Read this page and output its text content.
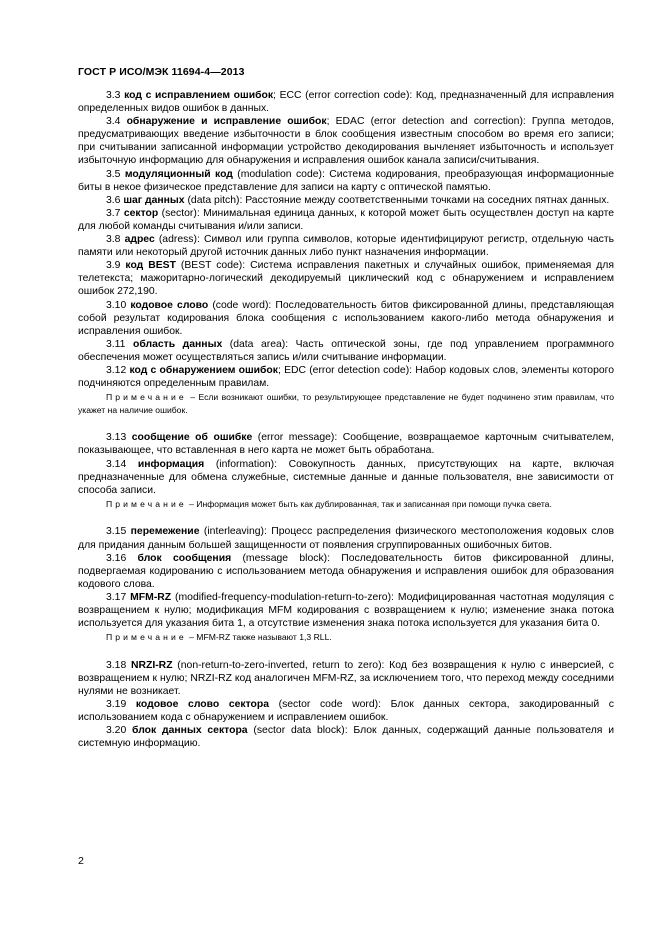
ГОСТ Р ИСО/МЭК 11694-4—2013

3.3 код с исправлением ошибок; ECC (error correction code): Код, предназначенный для исправления определенных видов ошибок в данных.

3.4 обнаружение и исправление ошибок; EDAC (error detection and correction): Группа методов, предусматривающих введение избыточности в блок сообщения известным способом во время его записи; при считывании записанной информации устройство декодирования вычленяет избыточность и использует избыточную информацию для обнаружения и исправления ошибок канала записи/считывания.

3.5 модуляционный код (modulation code): Система кодирования, преобразующая информационные биты в некое физическое представление для записи на карту с оптической памятью.

3.6 шаг данных (data pitch): Расстояние между соответственными точками на соседних пятнах данных.

3.7 сектор (sector): Минимальная единица данных, к которой может быть осуществлен доступ на карте для любой команды считывания и/или записи.

3.8 адрес (adress): Символ или группа символов, которые идентифицируют регистр, отдельную часть памяти или некоторый другой источник данных либо пункт назначения информации.

3.9 код BEST (BEST code): Система исправления пакетных и случайных ошибок, применяемая для телетекста; мажоритарно-логический декодируемый циклический код с обнаружением и исправлением ошибок 272,190.

3.10 кодовое слово (code word): Последовательность битов фиксированной длины, представляющая собой результат кодирования блока сообщения с использованием какого-либо метода обнаружения и исправления ошибок.

3.11 область данных (data area): Часть оптической зоны, где под управлением программного обеспечения может осуществляться запись и/или считывание информации.

3.12 код с обнаружением ошибок; EDC (error detection code): Набор кодовых слов, элементы которого подчиняются определенным правилам.

Примечание – Если возникают ошибки, то результирующее представление не будет подчинено этим правилам, что укажет на наличие ошибок.

3.13 сообщение об ошибке (error message): Сообщение, возвращаемое карточным считывателем, показывающее, что вставленная в него карта не может быть обработана.

3.14 информация (information): Совокупность данных, присутствующих на карте, включая предназначенные для обмена служебные, системные данные и данные пользователя, вне зависимости от способа записи.

Примечание – Информация может быть как дублированная, так и записанная при помощи пучка света.

3.15 перемежение (interleaving): Процесс распределения физического местоположения кодовых слов для придания данным большей защищенности от появления сгруппированных ошибочных битов.

3.16 блок сообщения (message block): Последовательность битов фиксированной длины, подвергаемая кодированию с использованием метода обнаружения и исправления ошибок для образования кодового слова.

3.17 MFM-RZ (modified-frequency-modulation-return-to-zero): Модифицированная частотная модуляция с возвращением к нулю; модификация MFM кодирования с возвращением к нулю; изменение знака потока используется для указания бита 1, а отсутствие изменения знака потока используется для указания бита 0.

Примечание – MFM-RZ также называют 1,3 RLL.

3.18 NRZI-RZ (non-return-to-zero-inverted, return to zero): Код без возвращения к нулю с инверсией, с возвращением к нулю; NRZI-RZ код аналогичен MFM-RZ, за исключением того, что переход между соседними нулями не возникает.

3.19 кодовое слово сектора (sector code word): Блок данных сектора, закодированный с использованием кода с обнаружением и исправлением ошибок.

3.20 блок данных сектора (sector data block): Блок данных, содержащий данные пользователя и системную информацию.

2
